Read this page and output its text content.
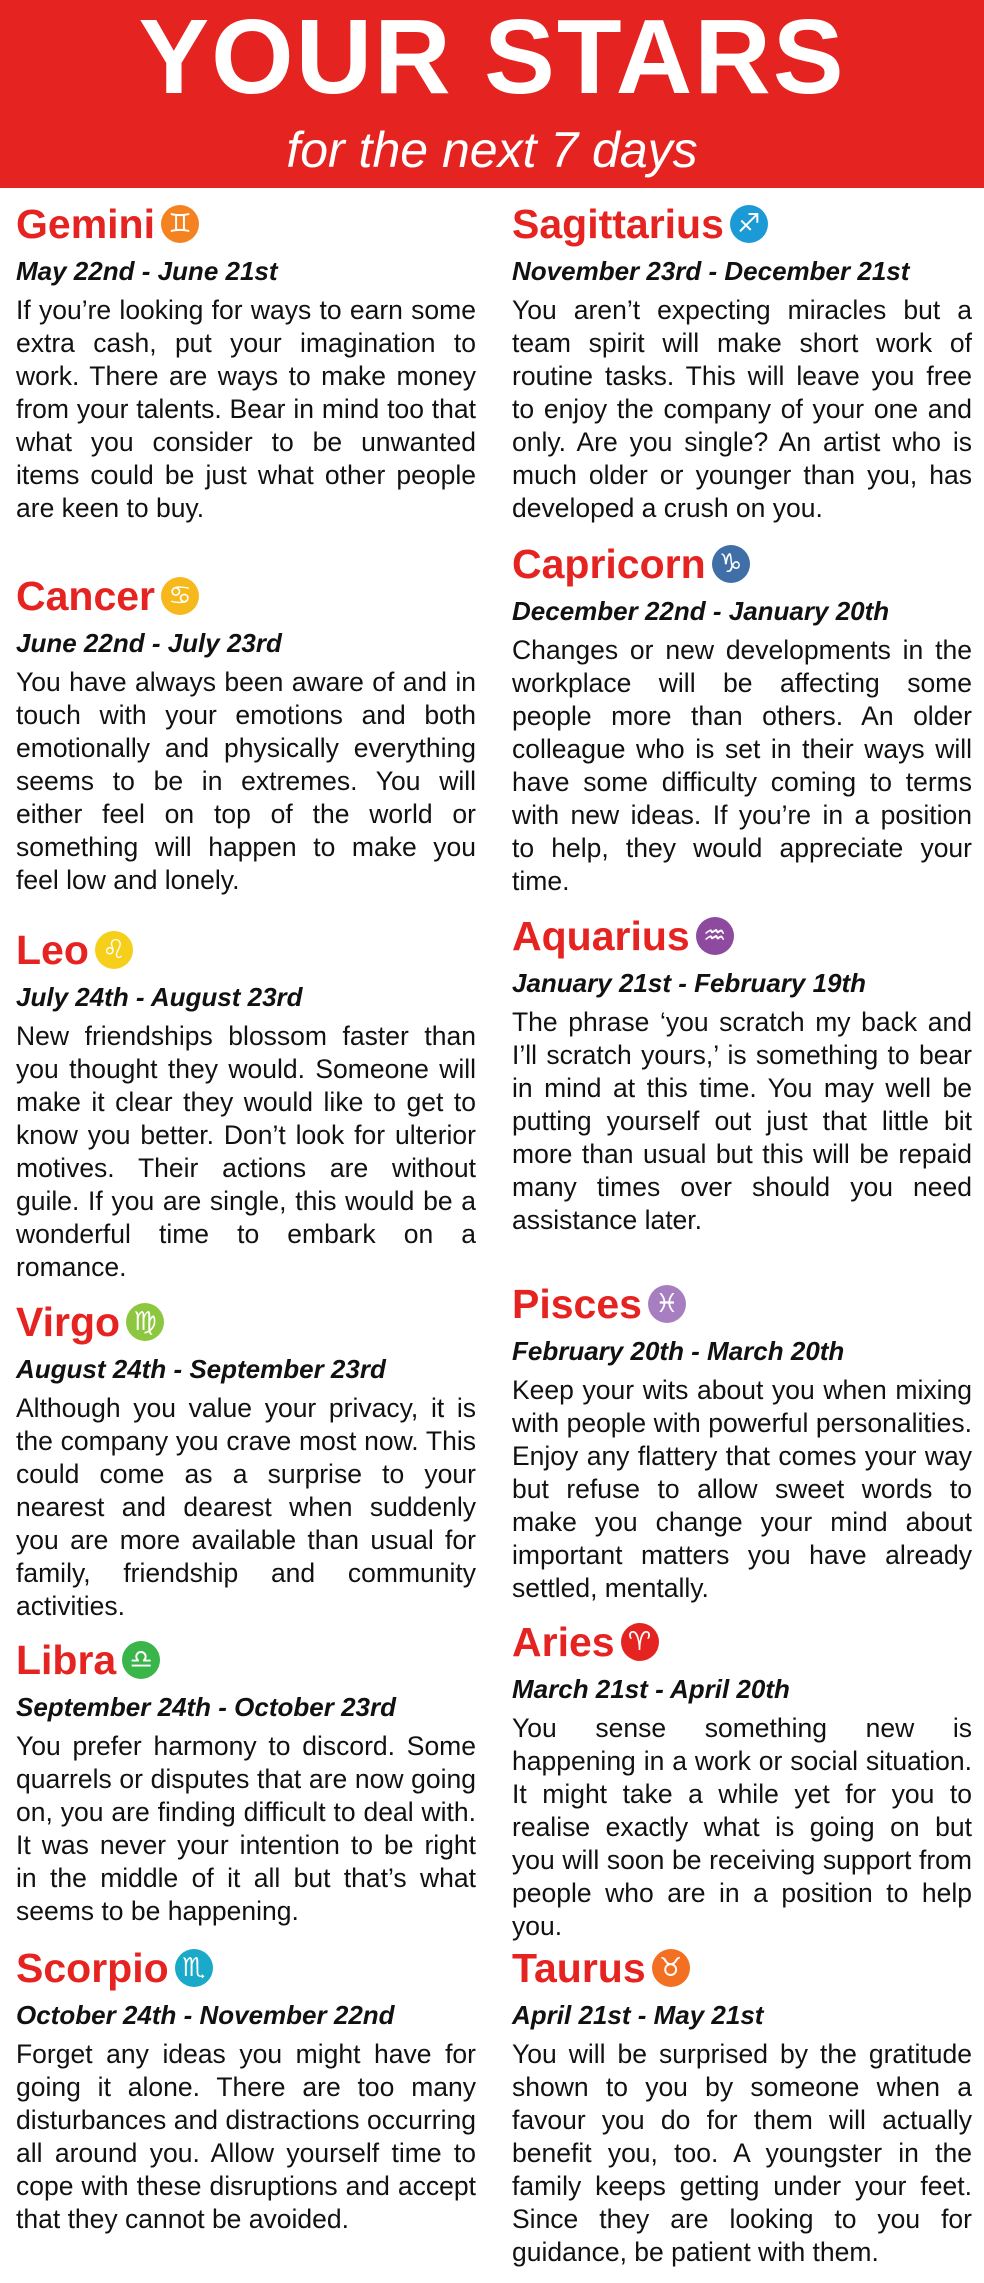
YOUR STARS
for the next 7 days
Gemini ♊
May 22nd - June 21st

If you’re looking for ways to earn some extra cash, put your imagination to work. There are ways to make money from your talents. Bear in mind too that what you consider to be unwanted items could be just what other people are keen to buy.

Cancer ♋
June 22nd - July 23rd

You have always been aware of and in touch with your emotions and both emotionally and physically everything seems to be in extremes. You will either feel on top of the world or something will happen to make you feel low and lonely.

Leo ♌
July 24th - August 23rd

New friendships blossom faster than you thought they would. Someone will make it clear they would like to get to know you better. Don’t look for ulterior motives. Their actions are without guile. If you are single, this would be a wonderful time to embark on a romance.

Virgo ♍
August 24th - September 23rd

Although you value your privacy, it is the company you crave most now. This could come as a surprise to your nearest and dearest when suddenly you are more available than usual for family, friendship and community activities.

Libra ♎
September 24th - October 23rd

You prefer harmony to discord. Some quarrels or disputes that are now going on, you are finding difficult to deal with. It was never your intention to be right in the middle of it all but that’s what seems to be happening.

Scorpio ♏
October 24th - November 22nd

Forget any ideas you might have for going it alone. There are too many disturbances and distractions occurring all around you. Allow yourself time to cope with these disruptions and accept that they cannot be avoided.

Sagittarius ♐
November 23rd - December 21st

You aren’t expecting miracles but a team spirit will make short work of routine tasks. This will leave you free to enjoy the company of your one and only. Are you single? An artist who is much older or younger than you, has developed a crush on you.

Capricorn ♑
December 22nd - January 20th

Changes or new developments in the workplace will be affecting some people more than others. An older colleague who is set in their ways will have some difficulty coming to terms with new ideas. If you’re in a position to help, they would appreciate your time.

Aquarius ♒
January 21st - February 19th

The phrase ‘you scratch my back and I’ll scratch yours,’ is something to bear in mind at this time. You may well be putting yourself out just that little bit more than usual but this will be repaid many times over should you need assistance later.

Pisces ♓
February 20th - March 20th

Keep your wits about you when mixing with people with powerful personalities. Enjoy any flattery that comes your way but refuse to allow sweet words to make you change your mind about important matters you have already settled, mentally.

Aries ♈
March 21st - April 20th

You sense something new is happening in a work or social situation. It might take a while yet for you to realise exactly what is going on but you will soon be receiving support from people who are in a position to help you.

Taurus ♉
April 21st - May 21st

You will be surprised by the gratitude shown to you by someone when a favour you do for them will actually benefit you, too. A youngster in the family keeps getting under your feet. Since they are looking to you for guidance, be patient with them.
